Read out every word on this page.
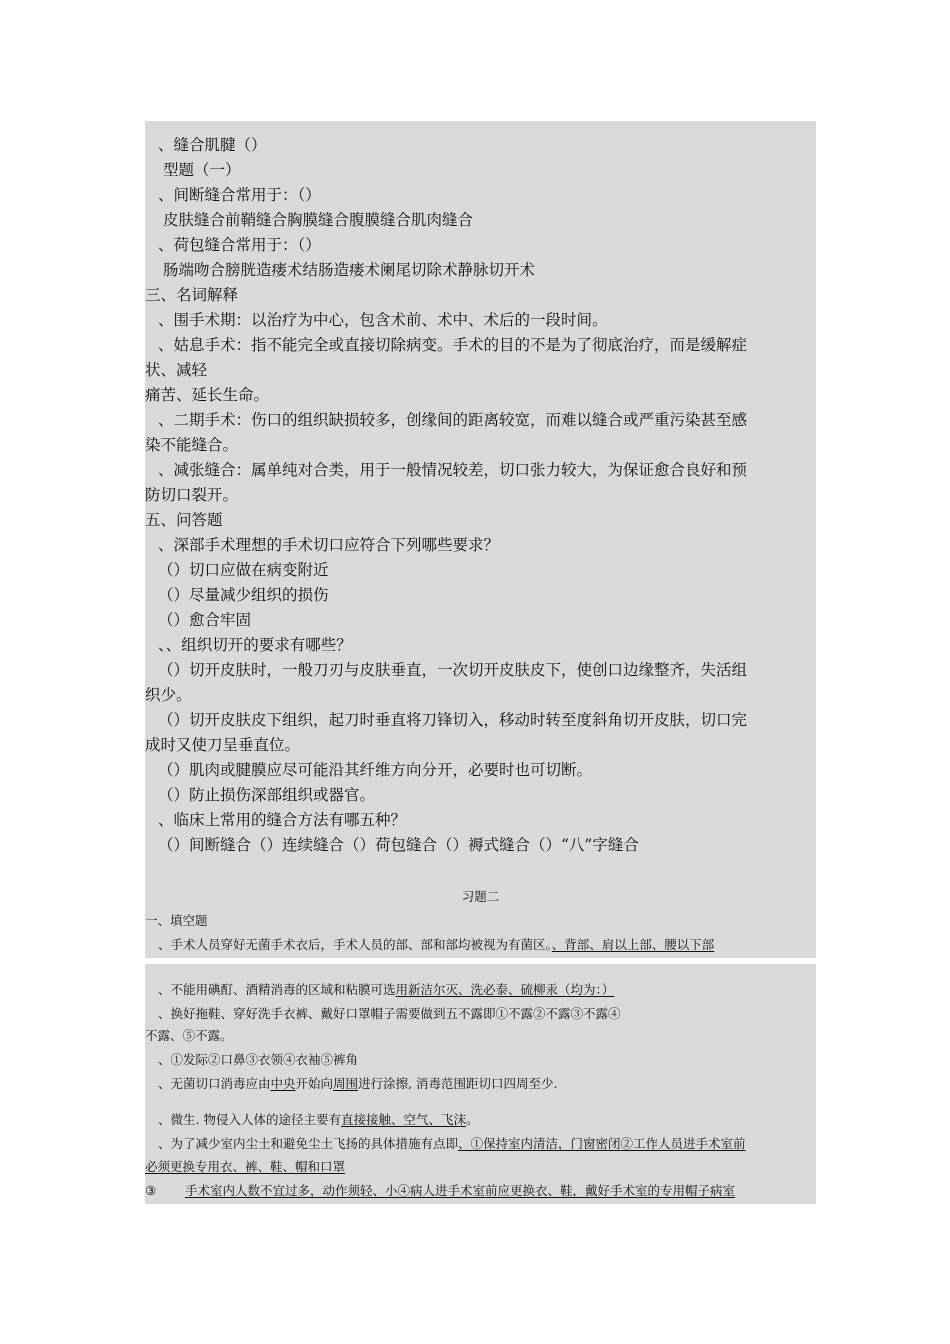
、缝合肌腱（）
型题（一）
、间断缝合常用于：（）
皮肤缝合前鞘缝合胸膜缝合腹膜缝合肌肉缝合
、荷包缝合常用于：（）
肠端吻合膀胱造瘘术结肠造瘘术阑尾切除术静脉切开术
三、名词解释
、围手术期：以治疗为中心，包含术前、术中、术后的一段时间。
、姑息手术：指不能完全或直接切除病变。手术的目的不是为了彻底治疗，而是缓解症
状、减轻
痛苦、延长生命。
、二期手术：伤口的组织缺损较多，创缘间的距离较宽，而难以缝合或严重污染甚至感
染不能缝合。
、减张缝合：属单纯对合类，用于一般情况较差，切口张力较大，为保证愈合良好和预
防切口裂开。
五、问答题
、深部手术理想的手术切口应符合下列哪些要求？
（）切口应做在病变附近
（）尽量减少组织的损伤
（）愈合牢固
、、组织切开的要求有哪些？
（）切开皮肤时，一般刀刃与皮肤垂直，一次切开皮肤皮下，使创口边缘整齐，失活组
织少。
（）切开皮肤皮下组织，起刀时垂直将刀锋切入，移动时转至度斜角切开皮肤，切口完
成时又使刀呈垂直位。
（）肌肉或腱膜应尽可能沿其纤维方向分开，必要时也可切断。
（）防止损伤深部组织或器官。
、临床上常用的缝合方法有哪五种？
（）间断缝合（）连续缝合（）荷包缝合（）褥式缝合（）“八”字缝合
习题二
一、填空题
、手术人员穿好无菌手术衣后，手术人员的部、部和部均被视为有菌区。、背部、肩以上部、腰以下部
、不能用碘酊、酒精消毒的区域和粘膜可选用新洁尔灭、洗必泰、硫柳汞（均为：）
、换好拖鞋、穿好洗手衣裤、戴好口罩帽子需要做到五不露即①不露②不露③不露④
不露、⑤不露。
、①发际②口鼻③衣领④衣袖⑤裤角
、无菌切口消毒应由中央开始向周围进行涂擦, 消毒范围距切口四周至少.
、微生. 物侵入人体的途径主要有直接接触、空气、飞沫。
、为了减少室内尘土和避免尘土飞扬的具体措施有点即、①保持室内清洁，门窗密闭②工作人员进手术室前
必须更换专用衣、裤、鞋、帽和口罩
③ 手术室内人数不宜过多，动作须轻、小④病人进手术室前应更换衣、鞋，戴好手术室的专用帽子病室
